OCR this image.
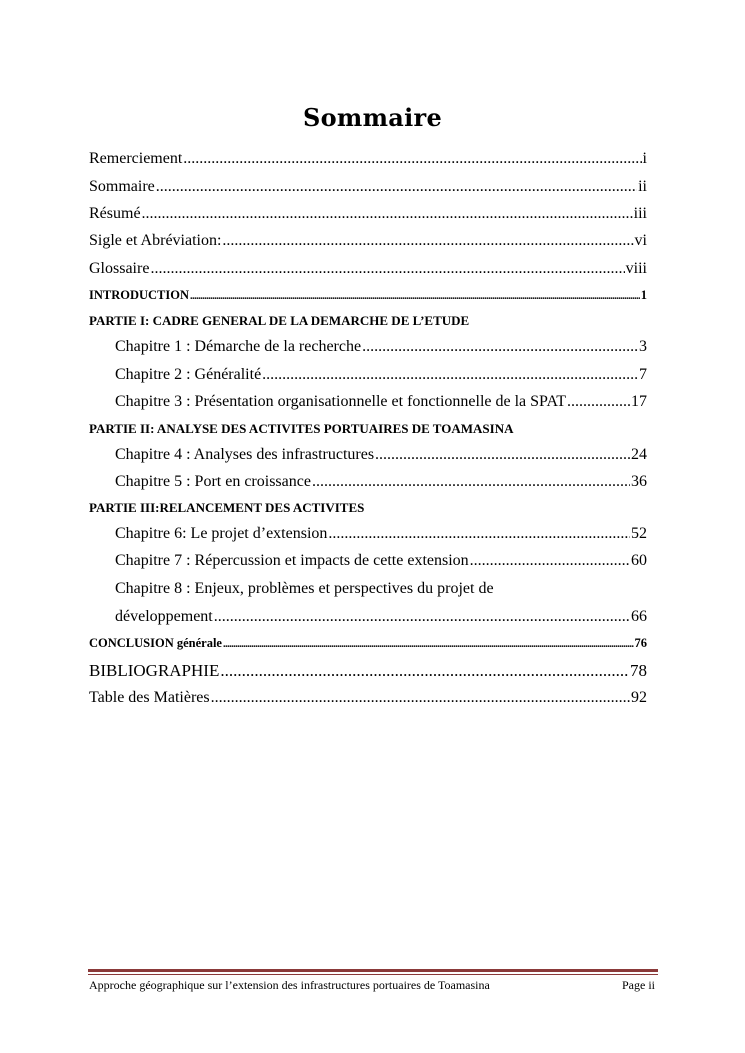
Sommaire
Remerciement .....	i
Sommaire .....	ii
Résumé .....	iii
Sigle et Abréviation: .....	vi
Glossaire .....	viii
INTRODUCTION .....	1
PARTIE I: CADRE GENERAL DE LA DEMARCHE DE L’ETUDE
Chapitre 1 : Démarche de la recherche .....	3
Chapitre 2 : Généralité .....	7
Chapitre 3 : Présentation organisationnelle et fonctionnelle de la SPAT .....	17
PARTIE II: ANALYSE DES ACTIVITES PORTUAIRES DE TOAMASINA
Chapitre 4 : Analyses des infrastructures .....	24
Chapitre 5 : Port en croissance .....	36
PARTIE III:RELANCEMENT DES ACTIVITES
Chapitre 6: Le projet d’extension .....	52
Chapitre 7 : Répercussion et impacts de cette extension .....	60
Chapitre 8 : Enjeux, problèmes et perspectives du projet de
développement .....	66
CONCLUSION générale .....	76
BIBLIOGRAPHIE .....	78
Table des Matières .....	92
Approche géographique sur l’extension des infrastructures portuaires de Toamasina	Page ii
